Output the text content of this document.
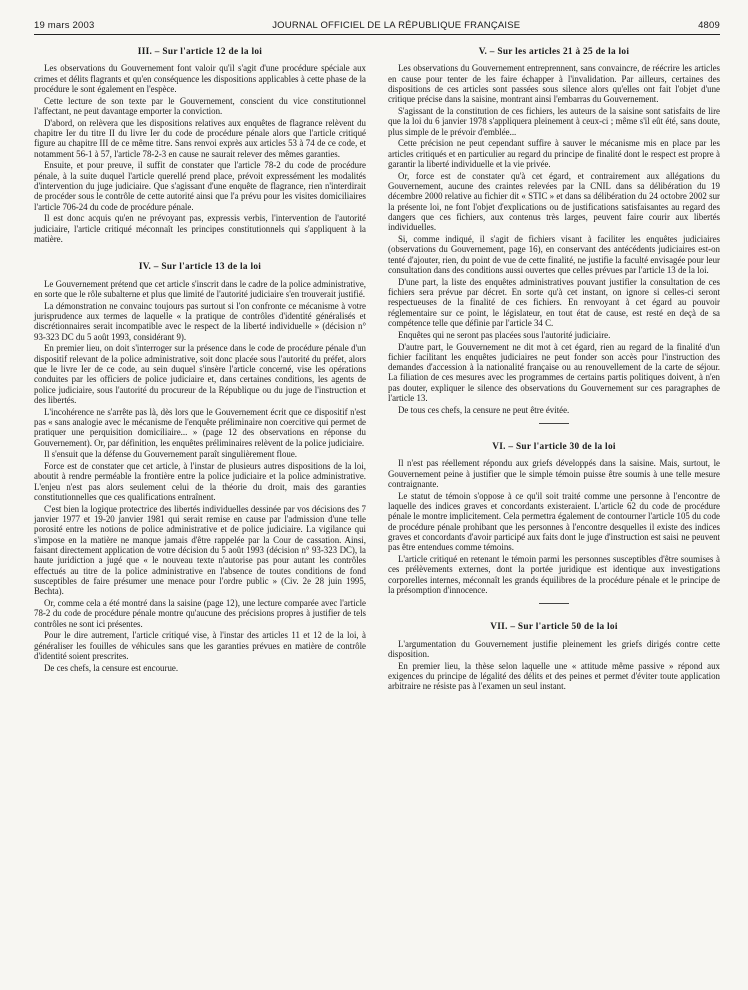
19 mars 2003	JOURNAL OFFICIEL DE LA RÉPUBLIQUE FRANÇAISE	4809
III. – Sur l'article 12 de la loi

Les observations du Gouvernement font valoir qu'il s'agit d'une procédure spéciale aux crimes et délits flagrants et qu'en conséquence les dispositions applicables à cette phase de la procédure le sont également en l'espèce.

Cette lecture de son texte par le Gouvernement, conscient du vice constitutionnel l'affectant, ne peut davantage emporter la conviction.

D'abord, on relèvera que les dispositions relatives aux enquêtes de flagrance relèvent du chapitre Ier du titre II du livre Ier du code de procédure pénale alors que l'article critiqué figure au chapitre III de ce même titre. Sans renvoi exprès aux articles 53 à 74 de ce code, et notamment 56-1 à 57, l'article 78-2-3 en cause ne saurait relever des mêmes garanties.

Ensuite, et pour preuve, il suffit de constater que l'article 78-2 du code de procédure pénale, à la suite duquel l'article querellé prend place, prévoit expressément les modalités d'intervention du juge judiciaire. Que s'agissant d'une enquête de flagrance, rien n'interdirait de procéder sous le contrôle de cette autorité ainsi que l'a prévu pour les visites domiciliaires l'article 706-24 du code de procédure pénale.

Il est donc acquis qu'en ne prévoyant pas, expressis verbis, l'intervention de l'autorité judiciaire, l'article critiqué méconnaît les principes constitutionnels qui s'appliquent à la matière.

IV. – Sur l'article 13 de la loi

Le Gouvernement prétend que cet article s'inscrit dans le cadre de la police administrative, en sorte que le rôle subalterne et plus que limité de l'autorité judiciaire s'en trouverait justifié.

La démonstration ne convainc toujours pas surtout si l'on confronte ce mécanisme à votre jurisprudence aux termes de laquelle « la pratique de contrôles d'identité généralisés et discrétionnaires serait incompatible avec le respect de la liberté individuelle » (décision n° 93-323 DC du 5 août 1993, considérant 9).

En premier lieu, on doit s'interroger sur la présence dans le code de procédure pénale d'un dispositif relevant de la police administrative, soit donc placée sous l'autorité du préfet, alors que le livre Ier de ce code, au sein duquel s'insère l'article concerné, vise les opérations conduites par les officiers de police judiciaire et, dans certaines conditions, les agents de police judiciaire, sous l'autorité du procureur de la République ou du juge de l'instruction et des libertés.

L'incohérence ne s'arrête pas là, dès lors que le Gouvernement écrit que ce dispositif n'est pas « sans analogie avec le mécanisme de l'enquête préliminaire non coercitive qui permet de pratiquer une perquisition domiciliaire... » (page 12 des observations en réponse du Gouvernement). Or, par définition, les enquêtes préliminaires relèvent de la police judiciaire.

Il s'ensuit que la défense du Gouvernement paraît singulièrement floue.

Force est de constater que cet article, à l'instar de plusieurs autres dispositions de la loi, aboutit à rendre perméable la frontière entre la police judiciaire et la police administrative. L'enjeu n'est pas alors seulement celui de la théorie du droit, mais des garanties constitutionnelles que ces qualifications entraînent.

C'est bien la logique protectrice des libertés individuelles dessinée par vos décisions des 7 janvier 1977 et 19-20 janvier 1981 qui serait remise en cause par l'admission d'une telle porosité entre les notions de police administrative et de police judiciaire. La vigilance qui s'impose en la matière ne manque jamais d'être rappelée par la Cour de cassation. Ainsi, faisant directement application de votre décision du 5 août 1993 (décision n° 93-323 DC), la haute juridiction a jugé que « le nouveau texte n'autorise pas pour autant les contrôles effectués au titre de la police administrative en l'absence de toutes conditions de fond susceptibles de faire présumer une menace pour l'ordre public » (Civ. 2e 28 juin 1995, Bechta).

Or, comme cela a été montré dans la saisine (page 12), une lecture comparée avec l'article 78-2 du code de procédure pénale montre qu'aucune des précisions propres à justifier de tels contrôles ne sont ici présentes.

Pour le dire autrement, l'article critiqué vise, à l'instar des articles 11 et 12 de la loi, à généraliser les fouilles de véhicules sans que les garanties prévues en matière de contrôle d'identité soient prescrites.

De ces chefs, la censure est encourue.

V. – Sur les articles 21 à 25 de la loi

Les observations du Gouvernement entreprennent, sans convaincre, de réécrire les articles en cause pour tenter de les faire échapper à l'invalidation. Par ailleurs, certaines des dispositions de ces articles sont passées sous silence alors qu'elles ont fait l'objet d'une critique précise dans la saisine, montrant ainsi l'embarras du Gouvernement.

S'agissant de la constitution de ces fichiers, les auteurs de la saisine sont satisfaits de lire que la loi du 6 janvier 1978 s'appliquera pleinement à ceux-ci ; même s'il eût été, sans doute, plus simple de le prévoir d'emblée...

Cette précision ne peut cependant suffire à sauver le mécanisme mis en place par les articles critiqués et en particulier au regard du principe de finalité dont le respect est propre à garantir la liberté individuelle et la vie privée.

Or, force est de constater qu'à cet égard, et contrairement aux allégations du Gouvernement, aucune des craintes relevées par la CNIL dans sa délibération du 19 décembre 2000 relative au fichier dit « STIC » et dans sa délibération du 24 octobre 2002 sur la présente loi, ne font l'objet d'explications ou de justifications satisfaisantes au regard des dangers que ces fichiers, aux contenus très larges, peuvent faire courir aux libertés individuelles.

Si, comme indiqué, il s'agit de fichiers visant à faciliter les enquêtes judiciaires (observations du Gouvernement, page 16), en conservant des antécédents judiciaires est-on tenté d'ajouter, rien, du point de vue de cette finalité, ne justifie la faculté envisagée pour leur consultation dans des conditions aussi ouvertes que celles prévues par l'article 13 de la loi.

D'une part, la liste des enquêtes administratives pouvant justifier la consultation de ces fichiers sera prévue par décret. En sorte qu'à cet instant, on ignore si celles-ci seront respectueuses de la finalité de ces fichiers. En renvoyant à cet égard au pouvoir réglementaire sur ce point, le législateur, en tout état de cause, est resté en deçà de sa compétence telle que définie par l'article 34 C.

Enquêtes qui ne seront pas placées sous l'autorité judiciaire.

D'autre part, le Gouvernement ne dit mot à cet égard, rien au regard de la finalité d'un fichier facilitant les enquêtes judiciaires ne peut fonder son accès pour l'instruction des demandes d'accession à la nationalité française ou au renouvellement de la carte de séjour. La filiation de ces mesures avec les programmes de certains partis politiques doivent, à n'en pas douter, expliquer le silence des observations du Gouvernement sur ces paragraphes de l'article 13.

De tous ces chefs, la censure ne peut être évitée.

VI. – Sur l'article 30 de la loi

Il n'est pas réellement répondu aux griefs développés dans la saisine. Mais, surtout, le Gouvernement peine à justifier que le simple témoin puisse être soumis à une telle mesure contraignante.

Le statut de témoin s'oppose à ce qu'il soit traité comme une personne à l'encontre de laquelle des indices graves et concordants existeraient. L'article 62 du code de procédure pénale le montre implicitement. Cela permettra également de contourner l'article 105 du code de procédure pénale prohibant que les personnes à l'encontre desquelles il existe des indices graves et concordants d'avoir participé aux faits dont le juge d'instruction est saisi ne peuvent pas être entendues comme témoins.

L'article critiqué en retenant le témoin parmi les personnes susceptibles d'être soumises à ces prélèvements externes, dont la portée juridique est identique aux investigations corporelles internes, méconnaît les grands équilibres de la procédure pénale et le principe de la présomption d'innocence.

VII. – Sur l'article 50 de la loi

L'argumentation du Gouvernement justifie pleinement les griefs dirigés contre cette disposition.

En premier lieu, la thèse selon laquelle une « attitude même passive » répond aux exigences du principe de légalité des délits et des peines et permet d'éviter toute application arbitraire ne résiste pas à l'examen un seul instant.
